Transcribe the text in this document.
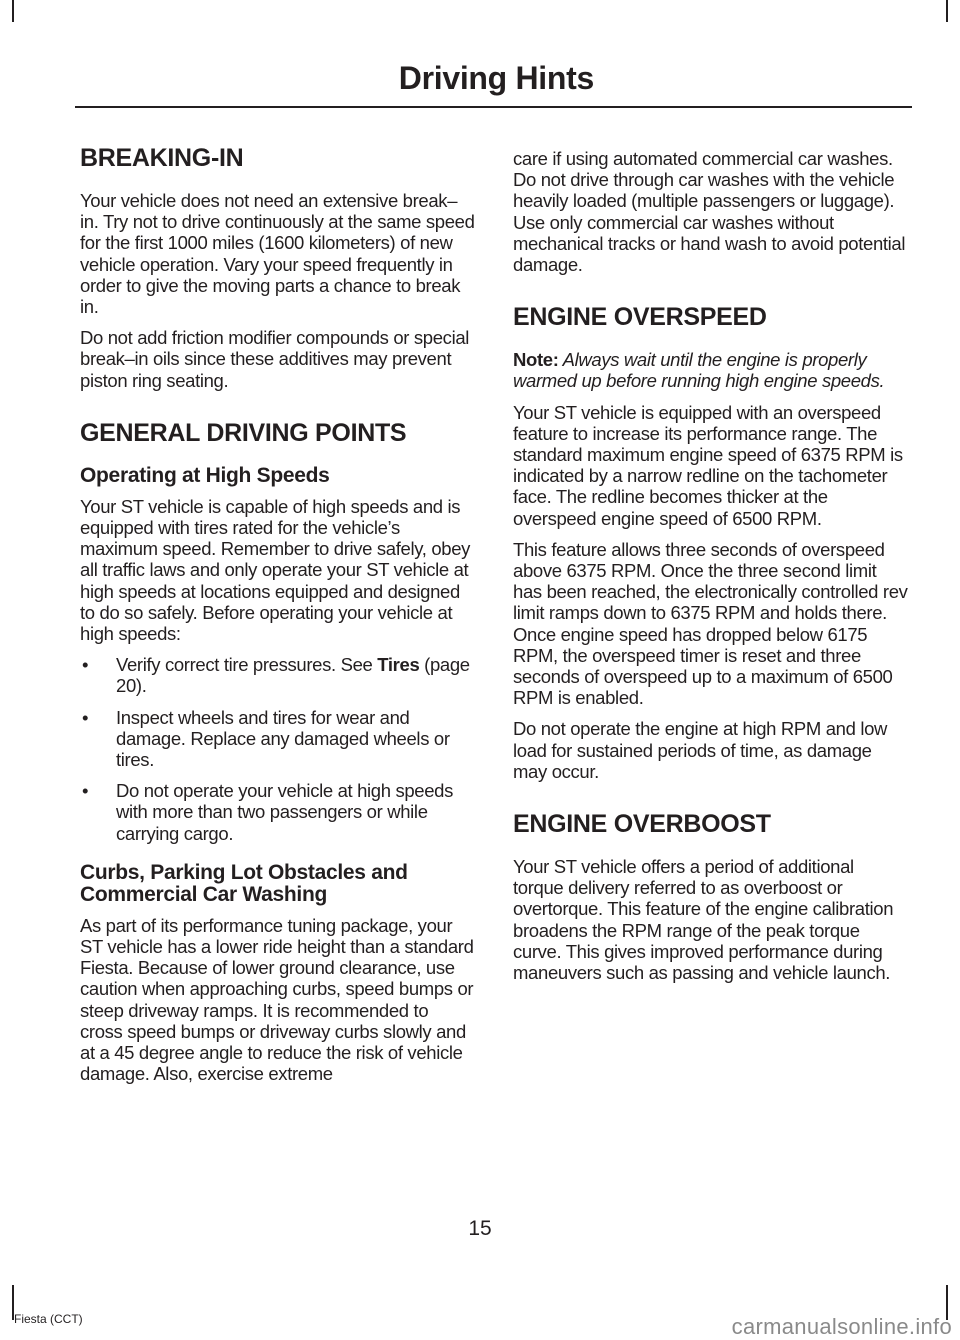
Driving Hints
BREAKING-IN

Your vehicle does not need an extensive break–in. Try not to drive continuously at the same speed for the first 1000 miles (1600 kilometers) of new vehicle operation. Vary your speed frequently in order to give the moving parts a chance to break in.

Do not add friction modifier compounds or special break–in oils since these additives may prevent piston ring seating.

GENERAL DRIVING POINTS
Operating at High Speeds

Your ST vehicle is capable of high speeds and is equipped with tires rated for the vehicle’s maximum speed. Remember to drive safely, obey all traffic laws and only operate your ST vehicle at high speeds at locations equipped and designed to do so safely. Before operating your vehicle at high speeds:

• Verify correct tire pressures. See Tires (page 20).
• Inspect wheels and tires for wear and damage. Replace any damaged wheels or tires.
• Do not operate your vehicle at high speeds with more than two passengers or while carrying cargo.
Curbs, Parking Lot Obstacles and Commercial Car Washing

As part of its performance tuning package, your ST vehicle has a lower ride height than a standard Fiesta. Because of lower ground clearance, use caution when approaching curbs, speed bumps or steep driveway ramps. It is recommended to cross speed bumps or driveway curbs slowly and at a 45 degree angle to reduce the risk of vehicle damage. Also, exercise extreme

care if using automated commercial car washes. Do not drive through car washes with the vehicle heavily loaded (multiple passengers or luggage). Use only commercial car washes without mechanical tracks or hand wash to avoid potential damage.

ENGINE OVERSPEED

Note: Always wait until the engine is properly warmed up before running high engine speeds.

Your ST vehicle is equipped with an overspeed feature to increase its performance range. The standard maximum engine speed of 6375 RPM is indicated by a narrow redline on the tachometer face. The redline becomes thicker at the overspeed engine speed of 6500 RPM.

This feature allows three seconds of overspeed above 6375 RPM. Once the three second limit has been reached, the electronically controlled rev limit ramps down to 6375 RPM and holds there. Once engine speed has dropped below 6175 RPM, the overspeed timer is reset and three seconds of overspeed up to a maximum of 6500 RPM is enabled.

Do not operate the engine at high RPM and low load for sustained periods of time, as damage may occur.

ENGINE OVERBOOST

Your ST vehicle offers a period of additional torque delivery referred to as overboost or overtorque. This feature of the engine calibration broadens the RPM range of the peak torque curve. This gives improved performance during maneuvers such as passing and vehicle launch.

15
Fiesta (CCT)	carmanualsonline.info
